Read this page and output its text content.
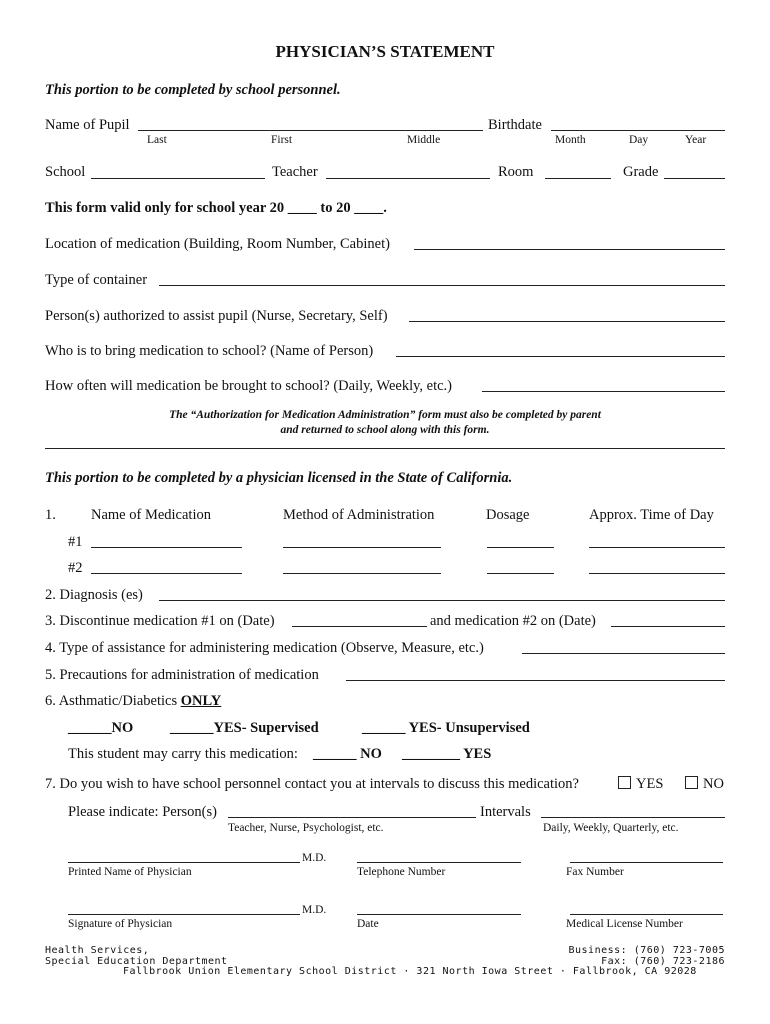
PHYSICIAN’S STATEMENT
This portion to be completed by school personnel.
Name of Pupil	Birthdate
Last	First	Middle	Month	Day	Year
School	Teacher	Room	Grade
This form valid only for school year 20 ____ to 20 ____.
Location of medication (Building, Room Number, Cabinet)
Type of container
Person(s) authorized to assist pupil (Nurse, Secretary, Self)
Who is to bring medication to school? (Name of Person)
How often will medication be brought to school? (Daily, Weekly, etc.)
The “Authorization for Medication Administration” form must also be completed by parent
and returned to school along with this form.
This portion to be completed by a physician licensed in the State of California.
1. Name of Medication	Method of Administration	Dosage	Approx. Time of Day
#1
#2
2. Diagnosis (es)
3. Discontinue medication #1 on (Date)	and medication #2 on (Date)
4. Type of assistance for administering medication (Observe, Measure, etc.)
5. Precautions for administration of medication
6. Asthmatic/Diabetics ONLY
______NO	______YES- Supervised	______ YES- Unsupervised
This student may carry this medication: ______ NO ________ YES
7. Do you wish to have school personnel contact you at intervals to discuss this medication?	YES	NO
Please indicate: Person(s)	Intervals
Teacher, Nurse, Psychologist, etc.	Daily, Weekly, Quarterly, etc.
M.D.
Printed Name of Physician	Telephone Number	Fax Number
M.D.
Signature of Physician	Date	Medical License Number
Health Services,
Special Education Department
Business: (760) 723-7005
Fax: (760) 723-2186
Fallbrook Union Elementary School District · 321 North Iowa Street · Fallbrook, CA 92028
